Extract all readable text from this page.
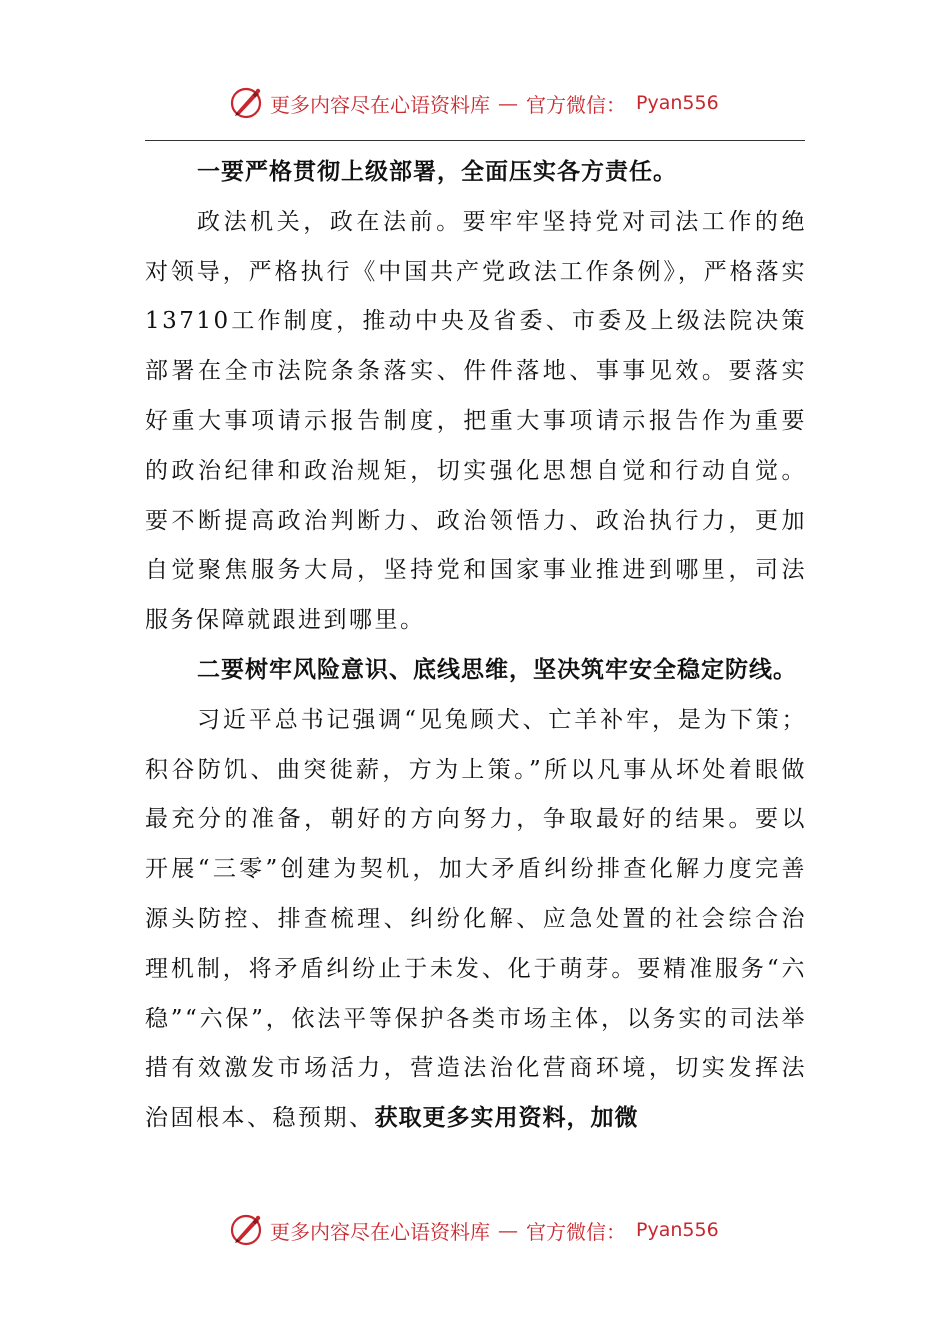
更多内容尽在心语资料库 — 官方微信： Pyan556

一要严格贯彻上级部署，全面压实各方责任。

政法机关，政在法前。要牢牢坚持党对司法工作的绝对领导，严格执行《中国共产党政法工作条例》，严格落实13710工作制度，推动中央及省委、市委及上级法院决策部署在全市法院条条落实、件件落地、事事见效。要落实好重大事项请示报告制度，把重大事项请示报告作为重要的政治纪律和政治规矩，切实强化思想自觉和行动自觉。要不断提高政治判断力、政治领悟力、政治执行力，更加自觉聚焦服务大局，坚持党和国家事业推进到哪里，司法服务保障就跟进到哪里。

二要树牢风险意识、底线思维，坚决筑牢安全稳定防线。

习近平总书记强调“见兔顾犬、亡羊补牢，是为下策；积谷防饥、曲突徙薪，方为上策。”所以凡事从坏处着眼做最充分的准备，朝好的方向努力，争取最好的结果。要以开展“三零”创建为契机，加大矛盾纠纷排查化解力度完善源头防控、排查梳理、纠纷化解、应急处置的社会综合治理机制，将矛盾纠纷止于未发、化于萌芽。要精准服务“六稳”“六保”，依法平等保护各类市场主体，以务实的司法举措有效激发市场活力，营造法治化营商环境，切实发挥法治固根本、稳预期、获取更多实用资料，加微

更多内容尽在心语资料库 — 官方微信： Pyan556
